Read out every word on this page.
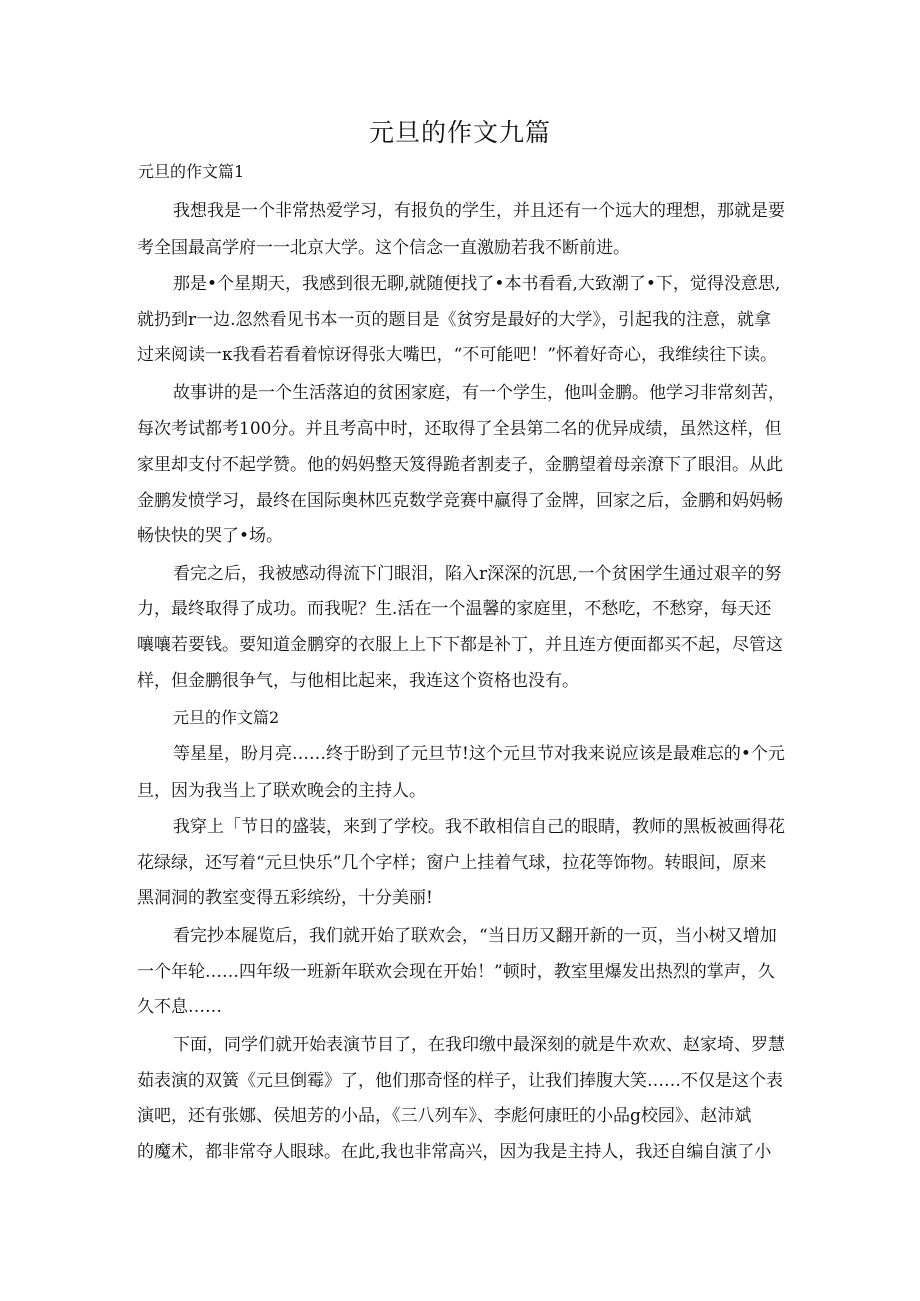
元旦的作文九篇
元旦的作文篇1
我想我是一个非常热爱学习，有报负的学生，并且还有一个远大的理想，那就是要
考全国最高学府一一北京大学。这个信念一直激励若我不断前进。
那是•个星期天，我感到很无聊,就随便找了•本书看看,大致潮了•下，觉得没意思,
就扔到r一边.忽然看见书本一页的题目是《贫穷是最好的大学》，引起我的注意，就拿
过来阅读一κ我看若看着惊讶得张大嘴巴，“不可能吧！”怀着好奇心，我维续往下读。
故事讲的是一个生活落迫的贫困家庭，有一个学生，他叫金鹏。他学习非常刻苦，
每次考试都考100分。并且考高中时，还取得了全县第二名的优异成绩，虽然这样，但
家里却支付不起学赞。他的妈妈整天笈得跪者割麦子，金鹏望着母亲潦下了眼泪。从此
金鹏发愤学习，最终在国际奥林匹克数学竞赛中赢得了金牌，回家之后，金鹏和妈妈畅
畅快快的哭了•场。
看完之后，我被感动得流下门眼泪，陷入r深深的沉思,一个贫困学生通过艰辛的努
力，最终取得了成功。而我呢？生.活在一个温馨的家庭里，不愁吃，不愁穿，每天还
嚷嚷若要钱。要知道金鹏穿的衣服上上下下都是补丁，并且连方便面都买不起，尽管这
样，但金鹏很争气，与他相比起来，我连这个资格也没有。
元旦的作文篇2
等星星，盼月亮……终于盼到了元旦节!这个元旦节对我来说应该是最难忘的•个元
旦，因为我当上了联欢晚会的主持人。
我穿上「节日的盛装，来到了学校。我不敢相信自己的眼睛，教师的黑板被画得花
花绿绿，还写着“元旦快乐”几个字样；窗户上挂着气球，拉花等饰物。转眼间，原来
黑洞洞的教室变得五彩缤纷，十分美丽!
看完抄本屣览后，我们就开始了联欢会，“当日历又翻开新的一页，当小树又增加
一个年轮……四年级一班新年联欢会现在开始！”顿时，教室里爆发出热烈的掌声，久
久不息……
下面，同学们就开始表演节目了，在我印缴中最深刻的就是牛欢欢、赵家埼、罗慧
茹表演的双簧《元旦倒霉》了，他们那奇怪的样子，让我们捧腹大笑……不仅是这个表
演吧，还有张娜、侯旭芳的小品，《三八列车》、李彪何康旺的小品g校园》、赵沛斌
的魔术，都非常夺人眼球。在此,我也非常高兴，因为我是主持人，我还自编自演了小
